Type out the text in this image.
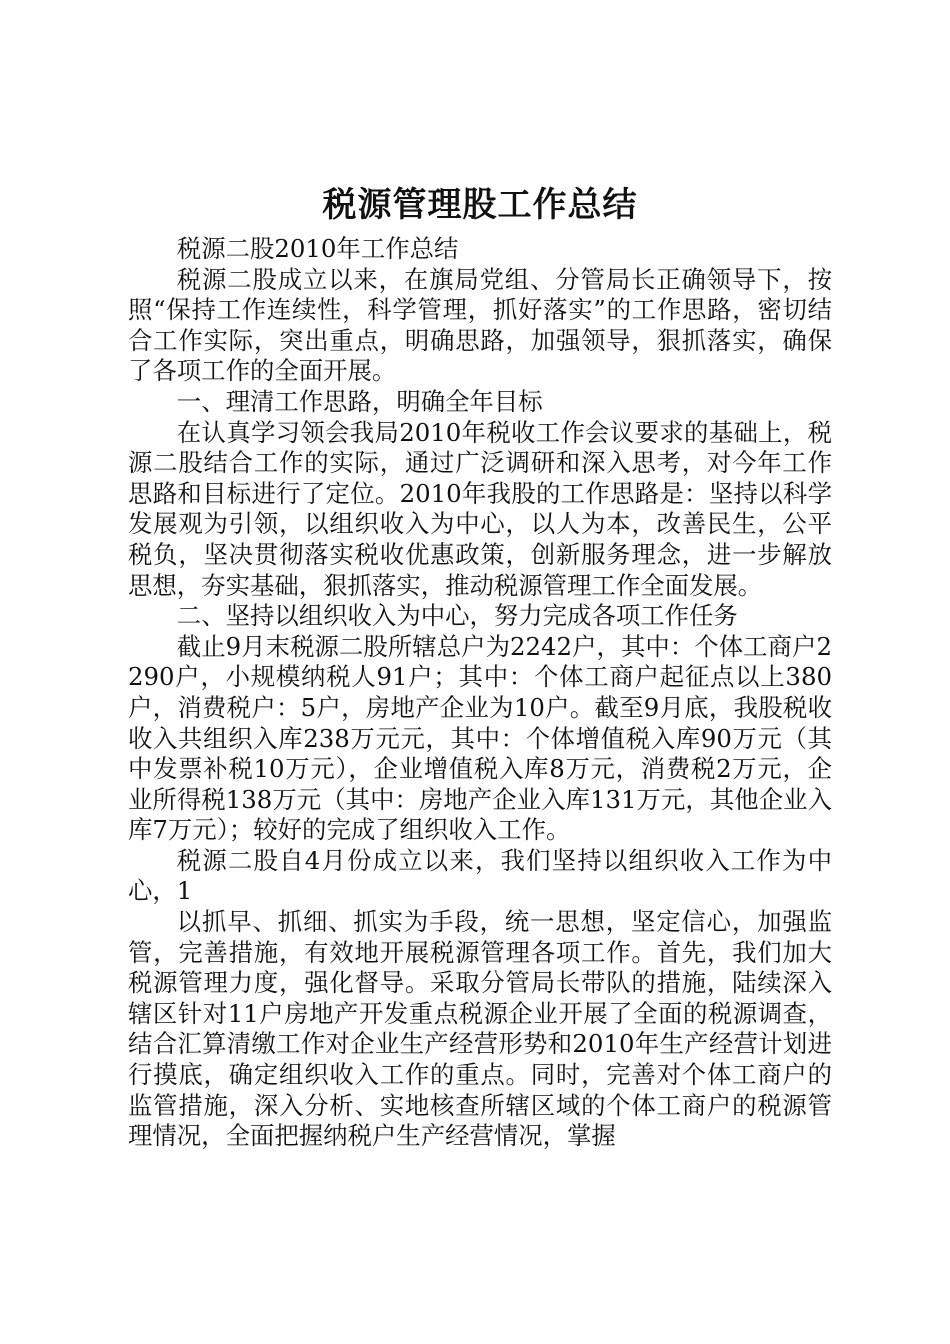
税源管理股工作总结

税源二股2010年工作总结

税源二股成立以来，在旗局党组、分管局长正确领导下，按照“保持工作连续性，科学管理，抓好落实”的工作思路，密切结合工作实际，突出重点，明确思路，加强领导，狠抓落实，确保了各项工作的全面开展。

一、理清工作思路，明确全年目标

在认真学习领会我局2010年税收工作会议要求的基础上，税源二股结合工作的实际，通过广泛调研和深入思考，对今年工作思路和目标进行了定位。2010年我股的工作思路是：坚持以科学发展观为引领，以组织收入为中心，以人为本，改善民生，公平税负，坚决贯彻落实税收优惠政策，创新服务理念，进一步解放思想，夯实基础，狠抓落实，推动税源管理工作全面发展。

二、坚持以组织收入为中心，努力完成各项工作任务

截止9月末税源二股所辖总户为2242户，其中：个体工商户2290户，小规模纳税人91户；其中：个体工商户起征点以上380户，消费税户：5户，房地产企业为10户。截至9月底，我股税收收入共组织入库238万元元，其中：个体增值税入库90万元（其中发票补税10万元），企业增值税入库8万元，消费税2万元，企业所得税138万元（其中：房地产企业入库131万元，其他企业入库7万元）；较好的完成了组织收入工作。

税源二股自4月份成立以来，我们坚持以组织收入工作为中心，1

以抓早、抓细、抓实为手段，统一思想，坚定信心，加强监管，完善措施，有效地开展税源管理各项工作。首先，我们加大税源管理力度，强化督导。采取分管局长带队的措施，陆续深入辖区针对11户房地产开发重点税源企业开展了全面的税源调查，结合汇算清缴工作对企业生产经营形势和2010年生产经营计划进行摸底，确定组织收入工作的重点。同时，完善对个体工商户的监管措施，深入分析、实地核查所辖区域的个体工商户的税源管理情况，全面把握纳税户生产经营情况，掌握
